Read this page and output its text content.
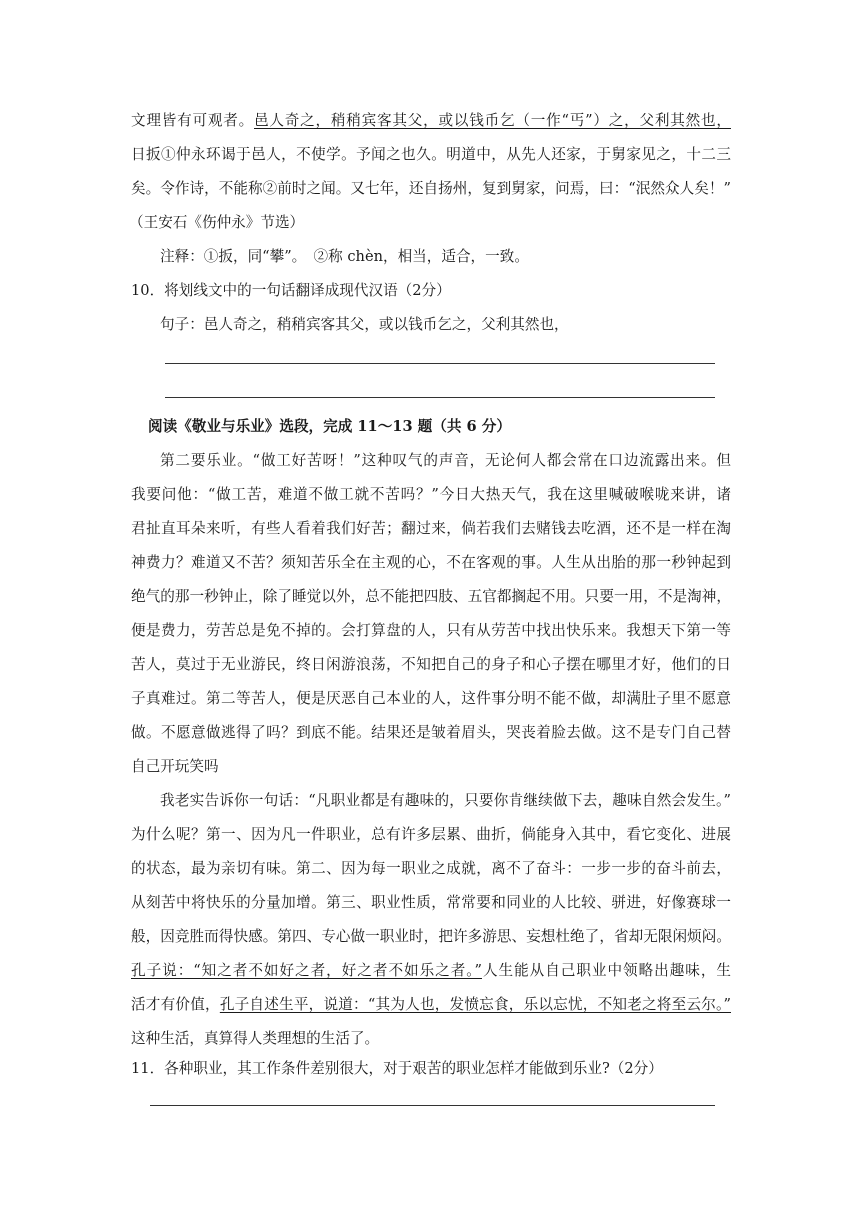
文理皆有可观者。邑人奇之，稍稍宾客其父，或以钱币乞（一作“丐”）之，父利其然也，
日扳①仲永环谒于邑人，不使学。予闻之也久。明道中，从先人还家，于舅家见之，十二三
矣。令作诗，不能称②前时之闻。又七年，还自扬州，复到舅家，问焉，曰：“泯然众人矣！”
（王安石《伤仲永》节选）
注释：①扳，同“攀”。　②称 chèn，相当，适合，一致。
10．将划线文中的一句话翻译成现代汉语（2分）
句子：邑人奇之，稍稍宾客其父，或以钱币乞之，父利其然也，
阅读《敬业与乐业》选段，完成 11～13 题（共 6 分）
第二要乐业。“做工好苦呀！”这种叹气的声音，无论何人都会常在口边流露出来。但
我要问他：“做工苦，难道不做工就不苦吗？”今日大热天气，我在这里喊破喉咙来讲，诸
君扯直耳朵来听，有些人看着我们好苦；翻过来，倘若我们去赌钱去吃酒，还不是一样在淘
神费力？难道又不苦？须知苦乐全在主观的心，不在客观的事。人生从出胎的那一秒钟起到
绝气的那一秒钟止，除了睡觉以外，总不能把四肢、五官都搁起不用。只要一用，不是淘神，
便是费力，劳苦总是免不掉的。会打算盘的人，只有从劳苦中找出快乐来。我想天下第一等
苦人，莫过于无业游民，终日闲游浪荡，不知把自己的身子和心子摆在哪里才好，他们的日
子真难过。第二等苦人，便是厌恶自己本业的人，这件事分明不能不做，却满肚子里不愿意
做。不愿意做逃得了吗？到底不能。结果还是皱着眉头，哭丧着脸去做。这不是专门自己替
自己开玩笑吗
我老实告诉你一句话：“凡职业都是有趣味的，只要你肯继续做下去，趣味自然会发生。”
为什么呢？第一、因为凡一件职业，总有许多层累、曲折，倘能身入其中，看它变化、进展
的状态，最为亲切有味。第二、因为每一职业之成就，离不了奋斗：一步一步的奋斗前去，
从刻苦中将快乐的分量加增。第三、职业性质，常常要和同业的人比较、骈进，好像赛球一
般，因竞胜而得快感。第四、专心做一职业时，把许多游思、妄想杜绝了，省却无限闲烦闷。
孔子说：“知之者不如好之者，好之者不如乐之者。”人生能从自己职业中领略出趣味，生
活才有价值，孔子自述生平，说道：“其为人也，发愤忘食，乐以忘忧，不知老之将至云尔。”
这种生活，真算得人类理想的生活了。
11．各种职业，其工作条件差别很大，对于艰苦的职业怎样才能做到乐业?（2分）
